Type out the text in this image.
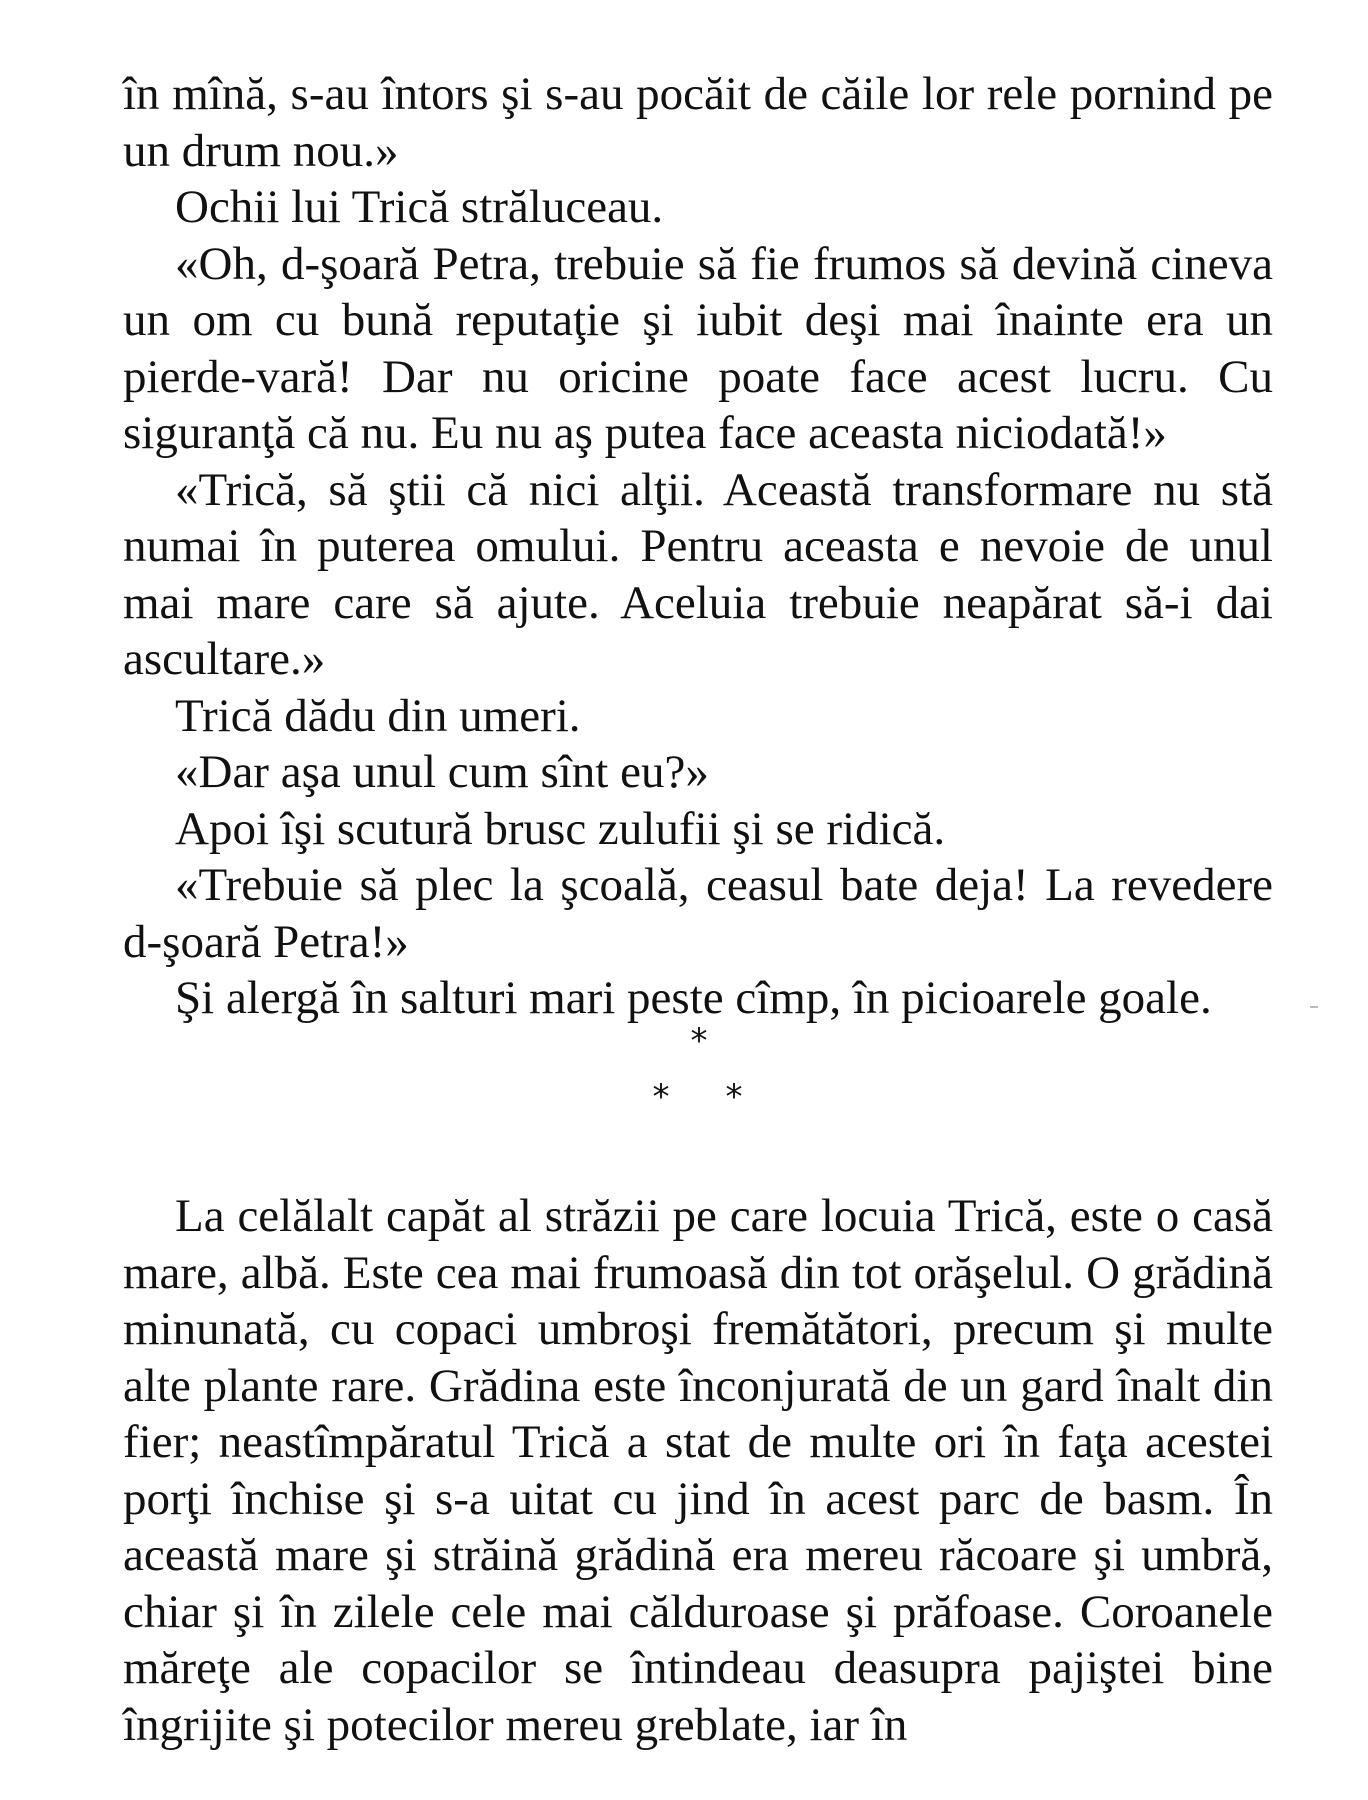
în mînă, s-au întors şi s-au pocăit de căile lor rele pornind pe un drum nou.»

Ochii lui Trică străluceau.

«Oh, d-şoară Petra, trebuie să fie frumos să devină cineva un om cu bună reputaţie şi iubit deşi mai înainte era un pierde-vară! Dar nu oricine poate face acest lucru. Cu siguranţă că nu. Eu nu aş putea face aceasta niciodată!»

«Trică, să ştii că nici alţii. Această transformare nu stă numai în puterea omului. Pentru aceasta e nevoie de unul mai mare care să ajute. Aceluia trebuie neapărat să-i dai ascultare.»

Trică dădu din umeri.

«Dar aşa unul cum sînt eu?»

Apoi îşi scutură brusc zulufii şi se ridică.

«Trebuie să plec la şcoală, ceasul bate deja! La revedere d-şoară Petra!»

Şi alergă în salturi mari peste cîmp, în picioarele goale.

*
* *

La celălalt capăt al străzii pe care locuia Trică, este o casă mare, albă. Este cea mai frumoasă din tot orăşelul. O grădină minunată, cu copaci umbroşi fremătători, precum şi multe alte plante rare. Grădina este înconjurată de un gard înalt din fier; neastîmpăratul Trică a stat de multe ori în faţa acestei porţi închise şi s-a uitat cu jind în acest parc de basm. În această mare şi străină grădină era mereu răcoare şi umbră, chiar şi în zilele cele mai călduroase şi prăfoase. Coroanele măreţe ale copacilor se întindeau deasupra pajiştei bine îngrijite şi potecilor mereu greblate, iar în
